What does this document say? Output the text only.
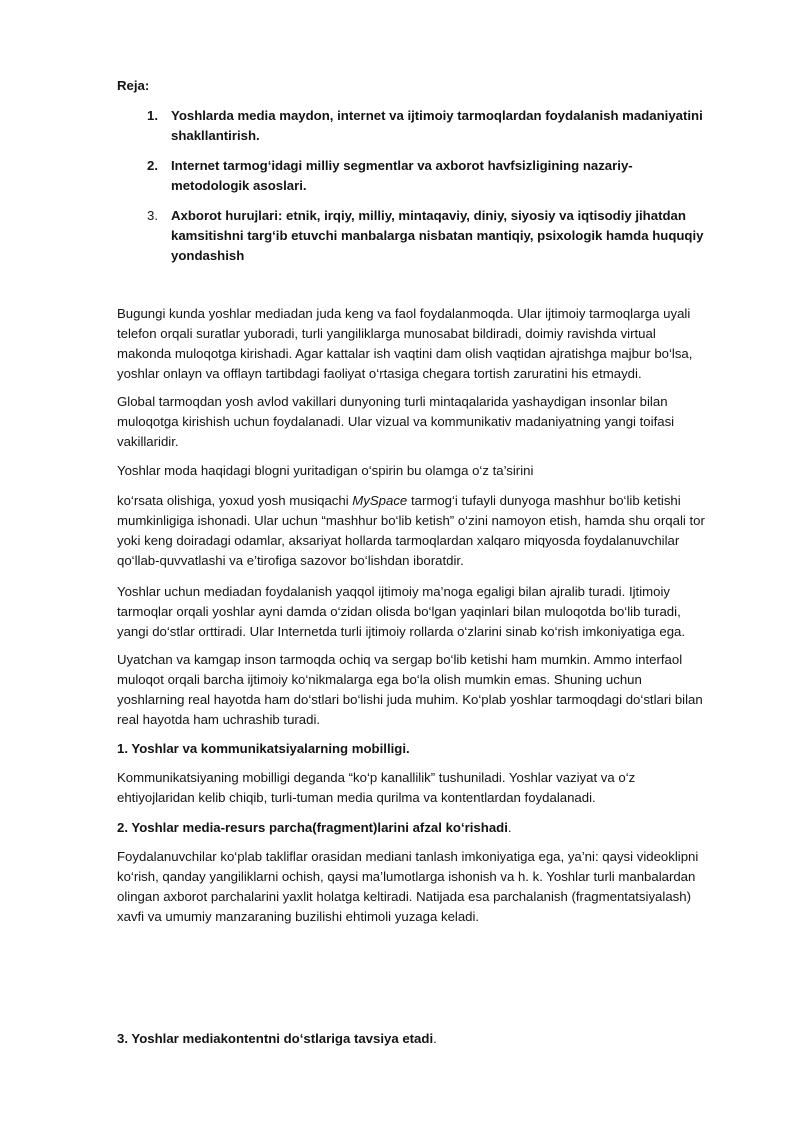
Reja:
1. Yoshlarda media maydon, internet va ijtimoiy tarmoqlardan foydalanish madaniyatini shakllantirish.
2. Internet tarmog‘idagi milliy segmentlar va axborot havfsizligining nazariy-metodologik asoslari.
3. Axborot hurujlari: etnik, irqiy, milliy, mintaqaviy, diniy, siyosiy va iqtisodiy jihatdan kamsitishni targ‘ib etuvchi manbalarga nisbatan mantiqiy, psixologik hamda huquqiy yondashish

Bugungi kunda yoshlar mediadan juda keng va faol foydalanmoqda. Ular ijtimoiy tarmoqlarga uyali telefon orqali suratlar yuboradi, turli yangiliklarga munosabat bildiradi, doimiy ravishda virtual makonda muloqotga kirishadi. Agar kattalar ish vaqtini dam olish vaqtidan ajratishga majbur bo‘lsa, yoshlar onlayn va offlayn tartibdagi faoliyat o‘rtasiga chegara tortish zaruratini his etmaydi.

Global tarmoqdan yosh avlod vakillari dunyoning turli mintaqalarida yashaydigan insonlar bilan muloqotga kirishish uchun foydalanadi. Ular vizual va kommunikativ madaniyatning yangi toifasi vakillaridir.

Yoshlar moda haqidagi blogni yuritadigan o‘spirin bu olamga o‘z ta’sirini

ko‘rsata olishiga, yoxud yosh musiqachi MySpace tarmog‘i tufayli dunyoga mashhur bo‘lib ketishi mumkinligiga ishonadi. Ular uchun “mashhur bo‘lib ketish” o‘zini namoyon etish, hamda shu orqali tor yoki keng doiradagi odamlar, aksariyat hollarda tarmoqlardan xalqaro miqyosda foydalanuvchilar qo‘llab-quvvatlashi va e’tirofiga sazovor bo‘lishdan iboratdir.

Yoshlar uchun mediadan foydalanish yaqqol ijtimoiy ma’noga egaligi bilan ajralib turadi. Ijtimoiy tarmoqlar orqali yoshlar ayni damda o‘zidan olisda bo‘lgan yaqinlari bilan muloqotda bo‘lib turadi, yangi do‘stlar orttiradi. Ular Internetda turli ijtimoiy rollarda o‘zlarini sinab ko‘rish imkoniyatiga ega.

Uyatchan va kamgap inson tarmoqda ochiq va sergap bo‘lib ketishi ham mumkin. Ammo interfaol muloqot orqali barcha ijtimoiy ko‘nikmalarga ega bo‘la olish mumkin emas. Shuning uchun yoshlarning real hayotda ham do‘stlari bo‘lishi juda muhim. Ko‘plab yoshlar tarmoqdagi do‘stlari bilan real hayotda ham uchrashib turadi.

1. Yoshlar va kommunikatsiyalarning mobilligi.

Kommunikatsiyaning mobilligi deganda “ko‘p kanallilik” tushuniladi. Yoshlar vaziyat va o‘z ehtiyojlaridan kelib chiqib, turli-tuman media qurilma va kontentlardan foydalanadi.

2. Yoshlar media-resurs parcha(fragment)larini afzal ko‘rishadi.

Foydalanuvchilar ko‘plab takliflar orasidan mediani tanlash imkoniyatiga ega, ya’ni: qaysi videoklipni ko‘rish, qanday yangiliklarni ochish, qaysi ma’lumotlarga ishonish va h. k. Yoshlar turli manbalardan olingan axborot parchalarini yaxlit holatga keltiradi. Natijada esa parchalanish (fragmentatsiyalash) xavfi va umumiy manzaraning buzilishi ehtimoli yuzaga keladi.

3. Yoshlar mediakontentni do‘stlariga tavsiya etadi.
